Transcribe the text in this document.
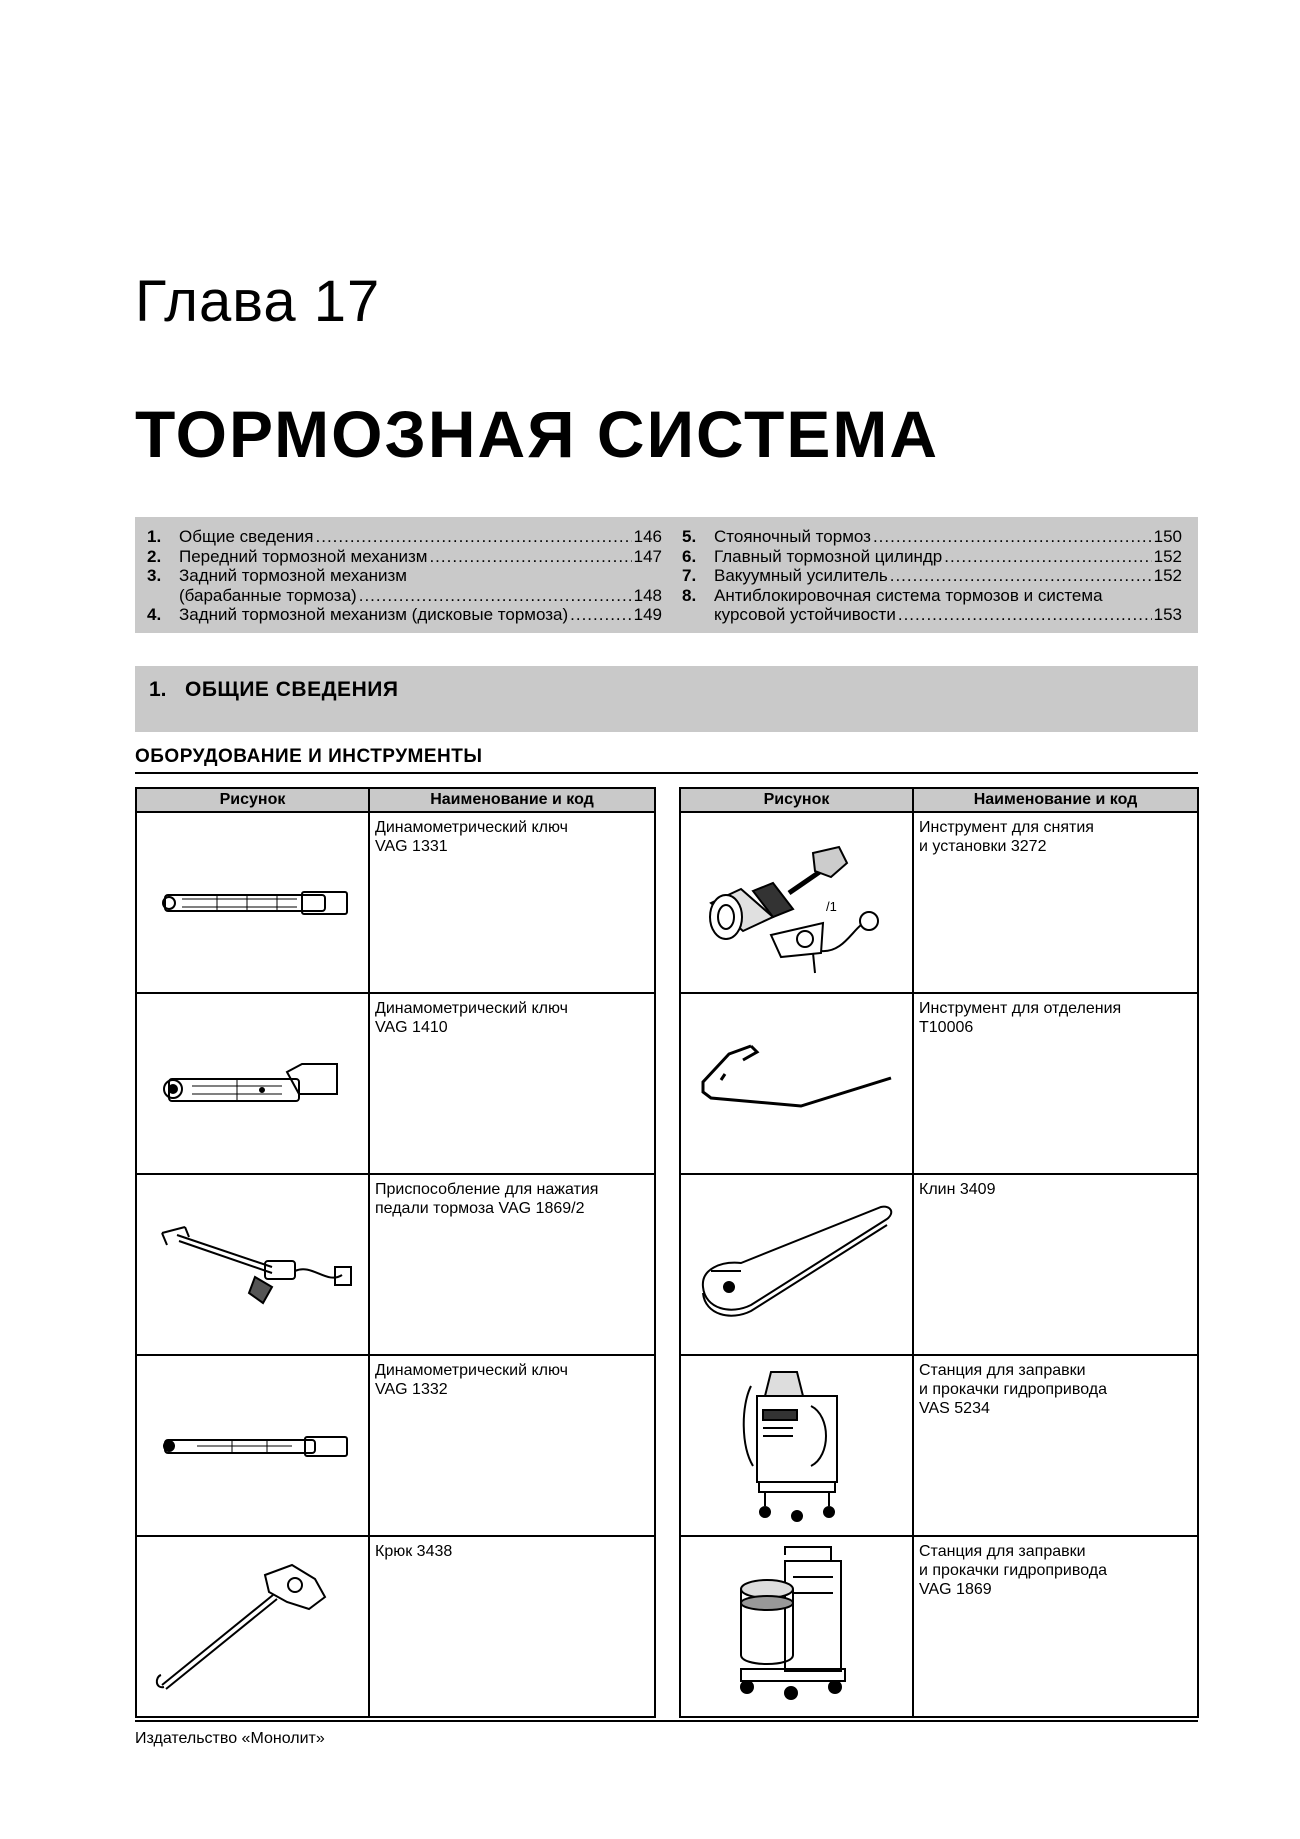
Глава 17
ТОРМОЗНАЯ СИСТЕМА
1.	Общие сведения .....	146
2.	Передний тормозной механизм .....	147
3.	Задний тормозной механизм
(барабанные тормоза) .....	148
4.	Задний тормозной механизм (дисковые тормоза) .....	149
5.	Стояночный тормоз .....	150
6.	Главный тормозной цилиндр .....	152
7.	Вакуумный усилитель .....	152
8.	Антиблокировочная система тормозов и система
курсовой устойчивости .....	153
1. ОБЩИЕ СВЕДЕНИЯ
ОБОРУДОВАНИЕ И ИНСТРУМЕНТЫ
Рисунок	Наименование и код

Динамометрический ключ
VAG 1331

Динамометрический ключ
VAG 1410

Приспособление для нажатия
педали тормоза VAG 1869/2

Динамометрический ключ
VAG 1332

Крюк 3438
Рисунок	Наименование и код

/1	Инструмент для снятия
и установки 3272

Инструмент для отделения
T10006

Клин 3409

Станция для заправки
и прокачки гидропривода
VAS 5234

Станция для заправки
и прокачки гидропривода
VAG 1869
Издательство «Монолит»
